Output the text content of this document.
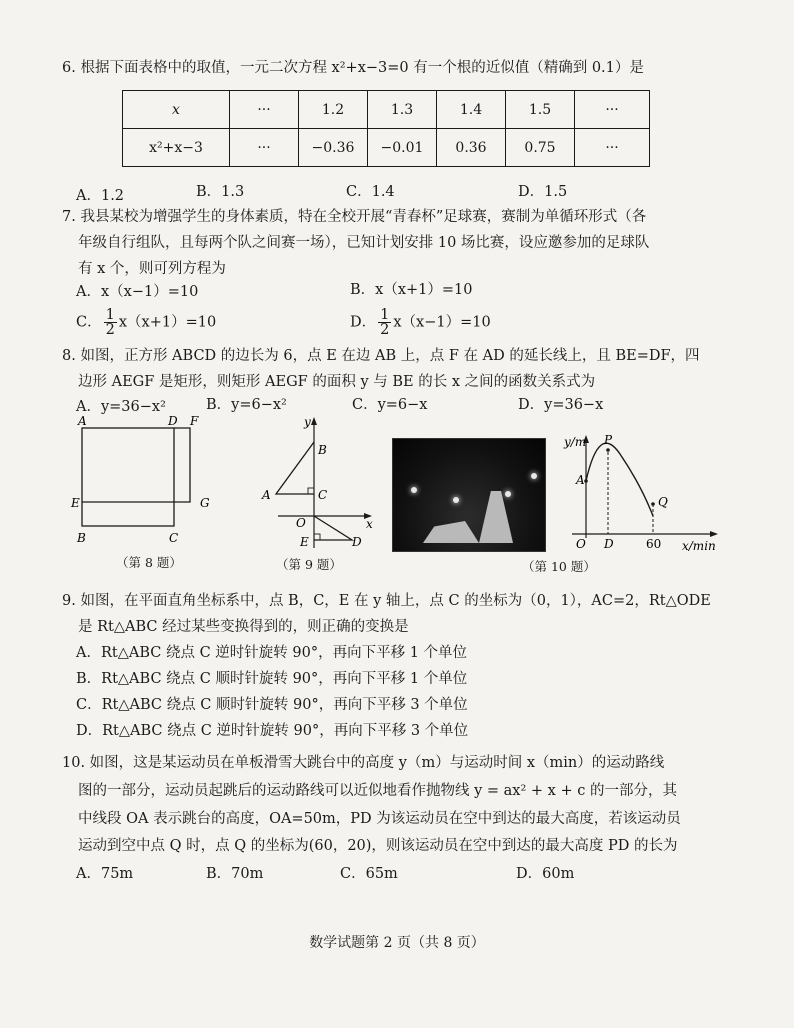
6. 根据下面表格中的取值，一元二次方程 x²+x−3=0 有一个根的近似值（精确到 0.1）是
x	···	1.2	1.3	1.4	1.5	···
x²+x−3	···	−0.36	−0.01	0.36	0.75	···
A．1.2	B．1.3	C．1.4	D．1.5
7. 我县某校为增强学生的身体素质，特在全校开展“青春杯”足球赛，赛制为单循环形式（各
年级自行组队，且每两个队之间赛一场），已知计划安排 10 场比赛，设应邀参加的足球队
有 x 个，则可列方程为
A．x（x−1）=10	B．x（x+1）=10
C． $\frac{1}{2} x(x+1)=10$	D． $\frac{1}{2} x(x-1)=10$
8. 如图，正方形 ABCD 的边长为 6，点 E 在边 AB 上，点 F 在 AD 的延长线上，且 BE=DF，四
边形 AEGF 是矩形，则矩形 AEGF 的面积 y 与 BE 的长 x 之间的函数关系式为
A．y=36−x²	B．y=6−x²	C．y=6−x	D．y=36−x
A	D F
E	G
B	C
（第 8 题）
y
B
A	C
O	x
E	D
（第 9 题）
y/m P
A
Q
O D	60 x/min
（第 10 题）
9. 如图，在平面直角坐标系中，点 B，C，E 在 y 轴上，点 C 的坐标为（0，1），AC=2，Rt△ODE
是 Rt△ABC 经过某些变换得到的，则正确的变换是
A．Rt△ABC 绕点 C 逆时针旋转 90°，再向下平移 1 个单位
B．Rt△ABC 绕点 C 顺时针旋转 90°，再向下平移 1 个单位
C．Rt△ABC 绕点 C 顺时针旋转 90°，再向下平移 3 个单位
D．Rt△ABC 绕点 C 逆时针旋转 90°，再向下平移 3 个单位
10. 如图，这是某运动员在单板滑雪大跳台中的高度 y（m）与运动时间 x（min）的运动路线
图的一部分，运动员起跳后的运动路线可以近似地看作抛物线 y = ax² + x + c 的一部分，其
中线段 OA 表示跳台的高度，OA=50m，PD 为该运动员在空中到达的最大高度，若该运动员
运动到空中点 Q 时，点 Q 的坐标为(60，20)，则该运动员在空中到达的最大高度 PD 的长为
A．75m	B．70m	C．65m	D．60m
数学试题第 2 页（共 8 页）
